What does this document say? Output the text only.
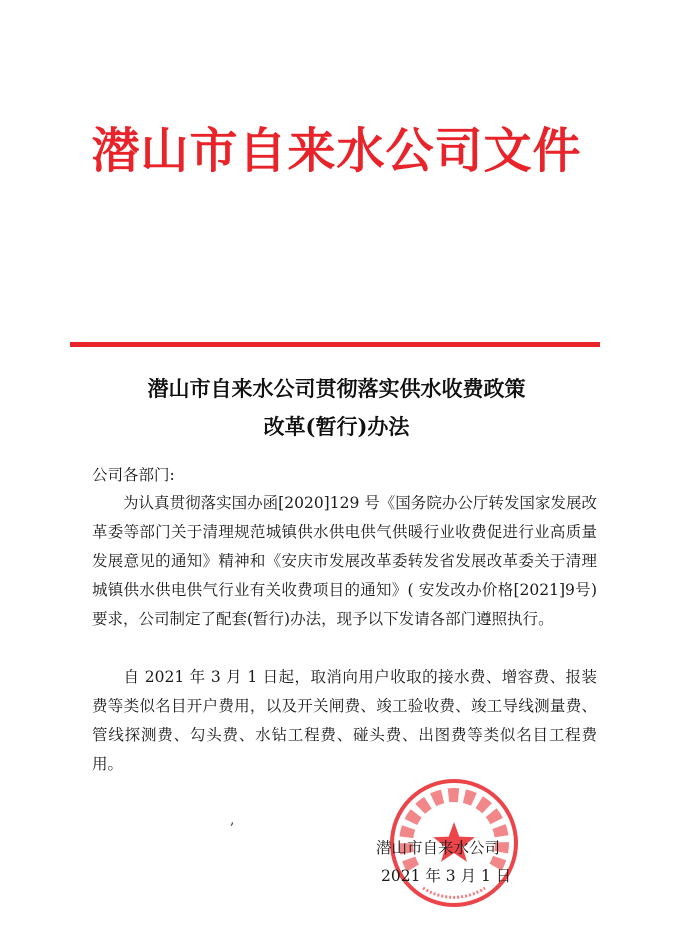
潜山市自来水公司文件
潜山市自来水公司贯彻落实供水收费政策
改革(暂行)办法
公司各部门:
为认真贯彻落实国办函[2020]129 号《国务院办公厅转发国家发展改革委等部门关于清理规范城镇供水供电供气供暖行业收费促进行业高质量发展意见的通知》精神和《安庆市发展改革委转发省发展改革委关于清理城镇供水供电供气行业有关收费项目的通知》( 安发改办价格[2021]9号)要求，公司制定了配套(暂行)办法，现予以下发请各部门遵照执行。
自 2021 年 3 月 1 日起，取消向用户收取的接水费、增容费、报装费等类似名目开户费用，以及开关闸费、竣工验收费、竣工导线测量费、管线探测费、勾头费、水钻工程费、碰头费、出图费等类似名目工程费用。
,
潜山市自来水公司
2021 年 3 月 1 日
